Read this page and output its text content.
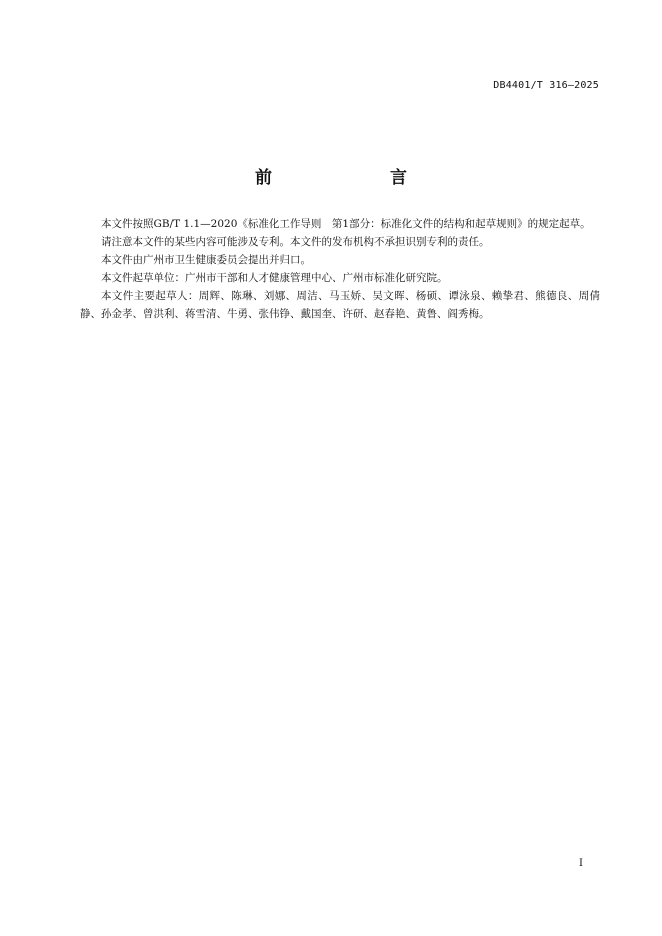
DB4401/T 316—2025
前　　言

本文件按照GB/T 1.1—2020《标准化工作导则　第1部分：标准化文件的结构和起草规则》的规定起草。

请注意本文件的某些内容可能涉及专利。本文件的发布机构不承担识别专利的责任。

本文件由广州市卫生健康委员会提出并归口。

本文件起草单位：广州市干部和人才健康管理中心、广州市标准化研究院。

本文件主要起草人：周辉、陈琳、刘娜、周洁、马玉娇、吴文晖、杨硕、谭泳泉、赖挚君、熊德良、周倩静、孙金孝、曾洪利、蒋雪清、牛勇、张伟铮、戴国奎、许研、赵春艳、黄鲁、阎秀梅。

I
